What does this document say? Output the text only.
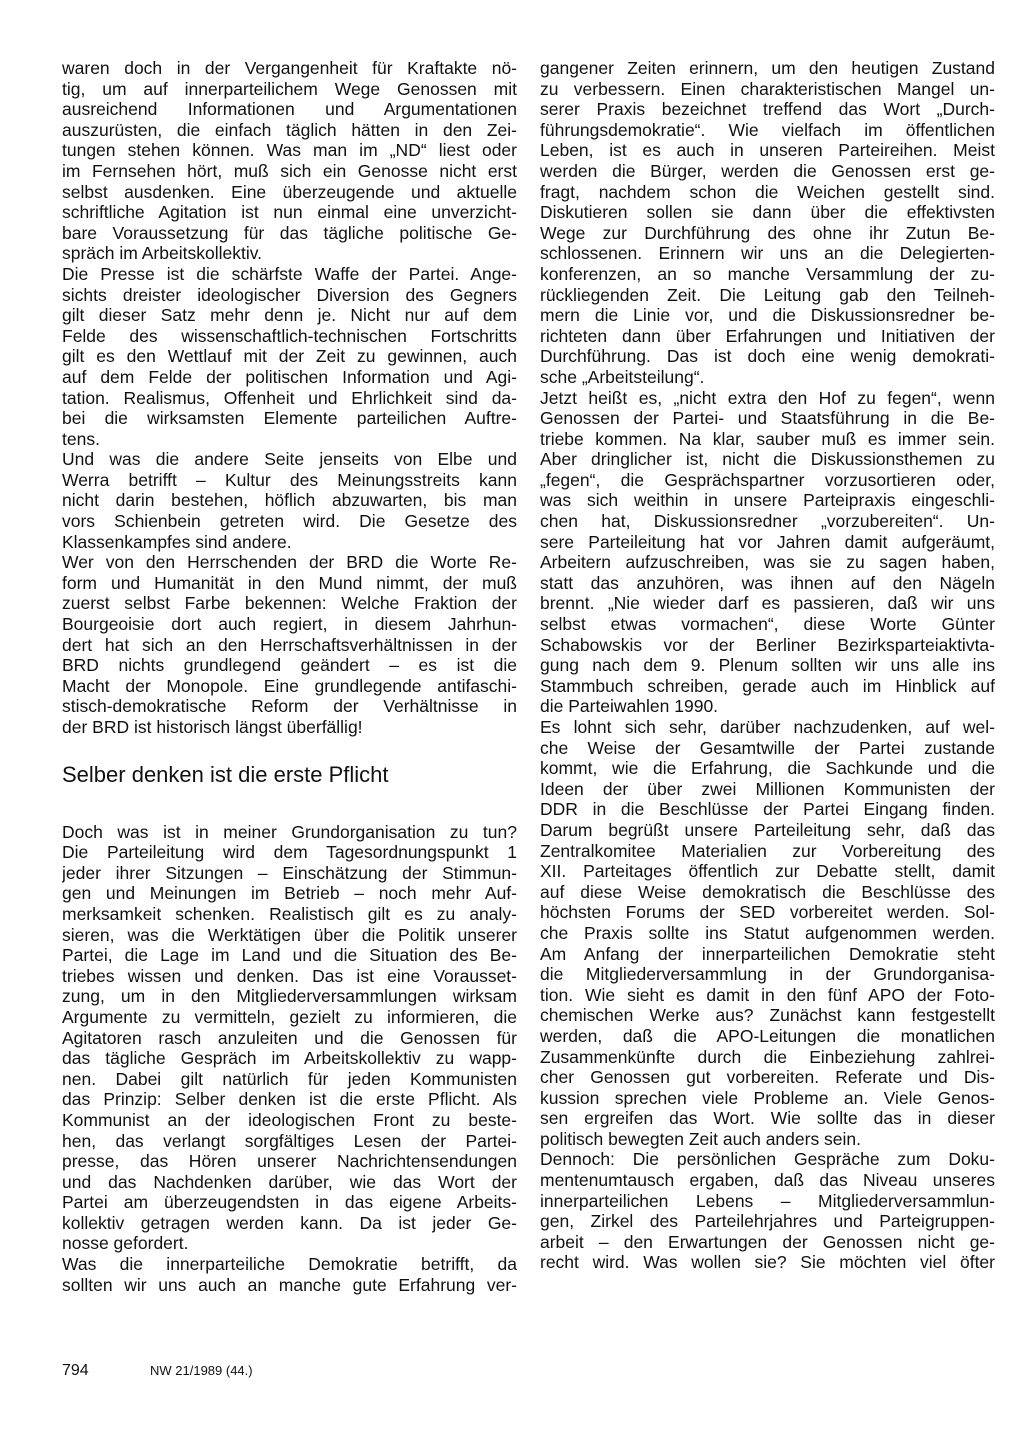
waren doch in der Vergangenheit für Kraftakte nö-
tig, um auf innerparteilichem Wege Genossen mit
ausreichend Informationen und Argumentationen
auszurüsten, die einfach täglich hätten in den Zei-
tungen stehen können. Was man im „ND“ liest oder
im Fernsehen hört, muß sich ein Genosse nicht erst
selbst ausdenken. Eine überzeugende und aktuelle
schriftliche Agitation ist nun einmal eine unverzicht-
bare Voraussetzung für das tägliche politische Ge-
spräch im Arbeitskollektiv.
Die Presse ist die schärfste Waffe der Partei. Ange-
sichts dreister ideologischer Diversion des Gegners
gilt dieser Satz mehr denn je. Nicht nur auf dem
Felde des wissenschaftlich-technischen Fortschritts
gilt es den Wettlauf mit der Zeit zu gewinnen, auch
auf dem Felde der politischen Information und Agi-
tation. Realismus, Offenheit und Ehrlichkeit sind da-
bei die wirksamsten Elemente parteilichen Auftre-
tens.
Und was die andere Seite jenseits von Elbe und
Werra betrifft – Kultur des Meinungsstreits kann
nicht darin bestehen, höflich abzuwarten, bis man
vors Schienbein getreten wird. Die Gesetze des
Klassenkampfes sind andere.
Wer von den Herrschenden der BRD die Worte Re-
form und Humanität in den Mund nimmt, der muß
zuerst selbst Farbe bekennen: Welche Fraktion der
Bourgeoisie dort auch regiert, in diesem Jahrhun-
dert hat sich an den Herrschaftsverhältnissen in der
BRD nichts grundlegend geändert – es ist die
Macht der Monopole. Eine grundlegende antifaschi-
stisch-demokratische Reform der Verhältnisse in
der BRD ist historisch längst überfällig!
Selber denken ist die erste Pflicht
Doch was ist in meiner Grundorganisation zu tun?
Die Parteileitung wird dem Tagesordnungspunkt 1
jeder ihrer Sitzungen – Einschätzung der Stimmun-
gen und Meinungen im Betrieb – noch mehr Auf-
merksamkeit schenken. Realistisch gilt es zu analy-
sieren, was die Werktätigen über die Politik unserer
Partei, die Lage im Land und die Situation des Be-
triebes wissen und denken. Das ist eine Vorausset-
zung, um in den Mitgliederversammlungen wirksam
Argumente zu vermitteln, gezielt zu informieren, die
Agitatoren rasch anzuleiten und die Genossen für
das tägliche Gespräch im Arbeitskollektiv zu wapp-
nen. Dabei gilt natürlich für jeden Kommunisten
das Prinzip: Selber denken ist die erste Pflicht. Als
Kommunist an der ideologischen Front zu beste-
hen, das verlangt sorgfältiges Lesen der Partei-
presse, das Hören unserer Nachrichtensendungen
und das Nachdenken darüber, wie das Wort der
Partei am überzeugendsten in das eigene Arbeits-
kollektiv getragen werden kann. Da ist jeder Ge-
nosse gefordert.
Was die innerparteiliche Demokratie betrifft, da
sollten wir uns auch an manche gute Erfahrung ver-
gangener Zeiten erinnern, um den heutigen Zustand
zu verbessern. Einen charakteristischen Mangel un-
serer Praxis bezeichnet treffend das Wort „Durch-
führungsdemokratie“. Wie vielfach im öffentlichen
Leben, ist es auch in unseren Parteireihen. Meist
werden die Bürger, werden die Genossen erst ge-
fragt, nachdem schon die Weichen gestellt sind.
Diskutieren sollen sie dann über die effektivsten
Wege zur Durchführung des ohne ihr Zutun Be-
schlossenen. Erinnern wir uns an die Delegierten-
konferenzen, an so manche Versammlung der zu-
rückliegenden Zeit. Die Leitung gab den Teilneh-
mern die Linie vor, und die Diskussionsredner be-
richteten dann über Erfahrungen und Initiativen der
Durchführung. Das ist doch eine wenig demokrati-
sche „Arbeitsteilung“.
Jetzt heißt es, „nicht extra den Hof zu fegen“, wenn
Genossen der Partei- und Staatsführung in die Be-
triebe kommen. Na klar, sauber muß es immer sein.
Aber dringlicher ist, nicht die Diskussionsthemen zu
„fegen“, die Gesprächspartner vorzusortieren oder,
was sich weithin in unsere Parteipraxis eingeschli-
chen hat, Diskussionsredner „vorzubereiten“. Un-
sere Parteileitung hat vor Jahren damit aufgeräumt,
Arbeitern aufzuschreiben, was sie zu sagen haben,
statt das anzuhören, was ihnen auf den Nägeln
brennt. „Nie wieder darf es passieren, daß wir uns
selbst etwas vormachen“, diese Worte Günter
Schabowskis vor der Berliner Bezirksparteiaktivta-
gung nach dem 9. Plenum sollten wir uns alle ins
Stammbuch schreiben, gerade auch im Hinblick auf
die Parteiwahlen 1990.
Es lohnt sich sehr, darüber nachzudenken, auf wel-
che Weise der Gesamtwille der Partei zustande
kommt, wie die Erfahrung, die Sachkunde und die
Ideen der über zwei Millionen Kommunisten der
DDR in die Beschlüsse der Partei Eingang finden.
Darum begrüßt unsere Parteileitung sehr, daß das
Zentralkomitee Materialien zur Vorbereitung des
XII. Parteitages öffentlich zur Debatte stellt, damit
auf diese Weise demokratisch die Beschlüsse des
höchsten Forums der SED vorbereitet werden. Sol-
che Praxis sollte ins Statut aufgenommen werden.
Am Anfang der innerparteilichen Demokratie steht
die Mitgliederversammlung in der Grundorganisa-
tion. Wie sieht es damit in den fünf APO der Foto-
chemischen Werke aus? Zunächst kann festgestellt
werden, daß die APO-Leitungen die monatlichen
Zusammenkünfte durch die Einbeziehung zahlrei-
cher Genossen gut vorbereiten. Referate und Dis-
kussion sprechen viele Probleme an. Viele Genos-
sen ergreifen das Wort. Wie sollte das in dieser
politisch bewegten Zeit auch anders sein.
Dennoch: Die persönlichen Gespräche zum Doku-
mentenumtausch ergaben, daß das Niveau unseres
innerparteilichen Lebens – Mitgliederversammlun-
gen, Zirkel des Parteilehrjahres und Parteigruppen-
arbeit – den Erwartungen der Genossen nicht ge-
recht wird. Was wollen sie? Sie möchten viel öfter
794	NW 21/1989 (44.)
